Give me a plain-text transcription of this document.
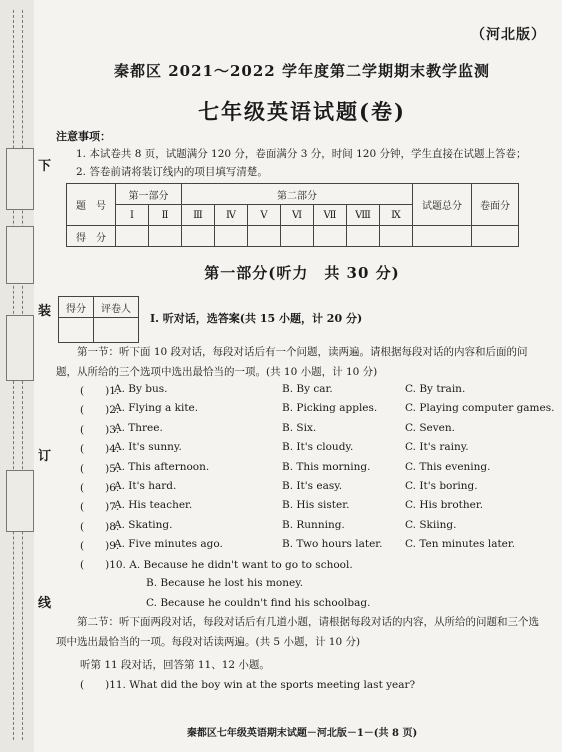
下
装
订
线
（河北版）
秦都区 2021～2022 学年度第二学期期末教学监测
七年级英语试题(卷)
注意事项：
1. 本试卷共 8 页，试题满分 120 分，卷面满分 3 分，时间 120 分钟，学生直接在试题上答卷；
2. 答卷前请将装订线内的项目填写清楚。
题　号	第一部分		第二部分							试题总分	卷面分
	Ⅰ	Ⅱ	Ⅲ	Ⅳ	Ⅴ	Ⅵ	Ⅶ	Ⅷ	Ⅸ		
得　分											
第一部分(听力　共 30 分)
得分	评卷人

Ⅰ. 听对话，选答案(共 15 小题，计 20 分)
第一节：听下面 10 段对话，每段对话后有一个问题，读两遍。请根据每段对话的内容和后面的问题，从所给的三个选项中选出最恰当的一项。(共 10 小题，计 10 分)
(　　)1.
A. By bus.	B. By car.	C. By train.
(　　)2.
A. Flying a kite.	B. Picking apples.	C. Playing computer games.
(　　)3.
A. Three.	B. Six.	C. Seven.
(　　)4.
A. It's sunny.	B. It's cloudy.	C. It's rainy.
(　　)5.
A. This afternoon.	B. This morning.	C. This evening.
(　　)6.
A. It's hard.	B. It's easy.	C. It's boring.
(　　)7.
A. His teacher.	B. His sister.	C. His brother.
(　　)8.
A. Skating.	B. Running.	C. Skiing.
(　　)9.
A. Five minutes ago.	B. Two hours later. C. Ten minutes later.
(　　)10. A. Because he didn't want to go to school.
B. Because he lost his money.
C. Because he couldn't find his schoolbag.
第二节：听下面两段对话，每段对话后有几道小题，请根据每段对话的内容，从所给的问题和三个选项中选出最恰当的一项。每段对话读两遍。(共 5 小题，计 10 分)
听第 11 段对话，回答第 11、12 小题。
(　　)11. What did the boy win at the sports meeting last year?
秦都区七年级英语期末试题－河北版－1－(共 8 页)
